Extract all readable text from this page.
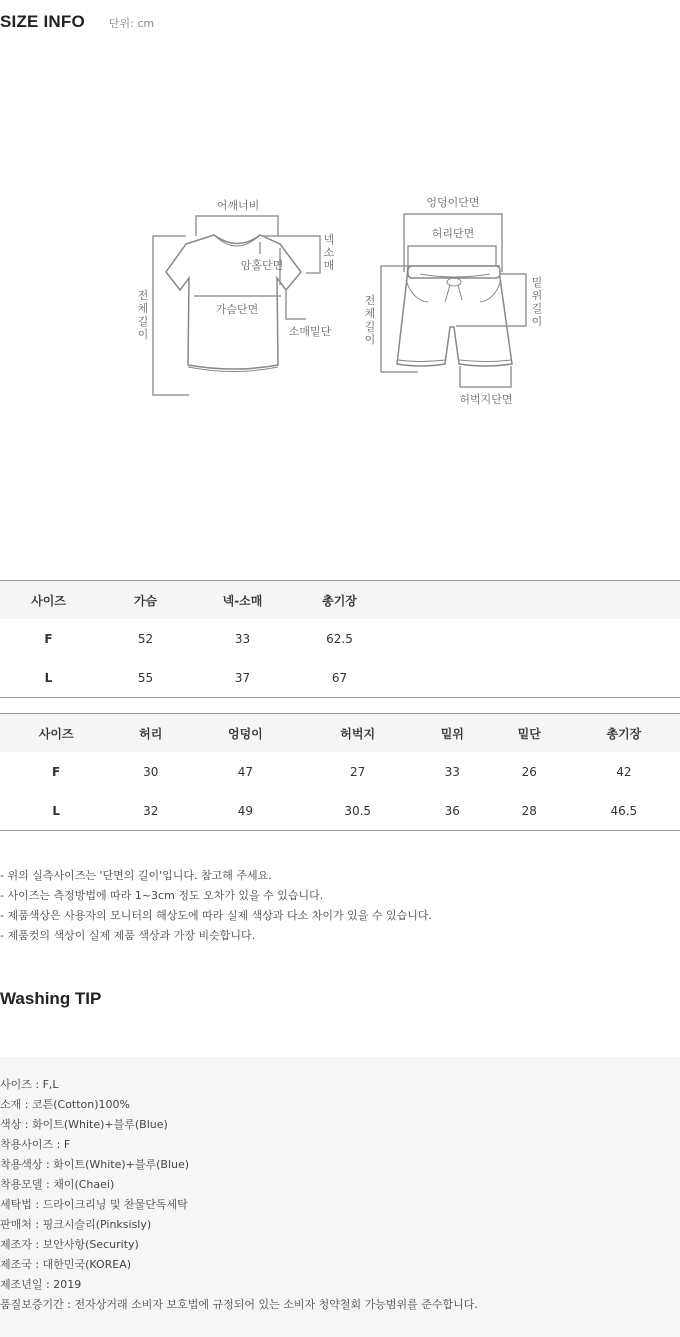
SIZE INFO 단위: cm
어깨너비
넥
소
매
암홀단면
가슴단면
소매밑단
전
체
길
이
엉덩이단면
허리단면
밑
위
길
이
전
체
길
이
허벅지단면
사이즈	가슴	넥-소매	총기장	
F	52	33	62.5	
L	55	37	67	
사이즈	허리	엉덩이	허벅지	밑위	밑단	총기장
F	30	47	27	33	26	42
L	32	49	30.5	36	28	46.5
- 위의 실측사이즈는 '단면의 길이'입니다. 참고해 주세요.
- 사이즈는 측정방법에 따라 1~3cm 정도 오차가 있을 수 있습니다.
- 제품색상은 사용자의 모니터의 해상도에 따라 실제 색상과 다소 차이가 있을 수 있습니다.
- 제품컷의 색상이 실제 제품 색상과 가장 비슷합니다.
Washing TIP
사이즈 : F,L
소재 : 코튼(Cotton)100%
색상 : 화이트(White)+블루(Blue)
착용사이즈 : F
착용색상 : 화이트(White)+블루(Blue)
착용모델 : 채이(Chaei)
세탁법 : 드라이크리닝 및 찬물단독세탁
판매처 : 핑크시슬리(Pinksisly)
제조자 : 보안사항(Security)
제조국 : 대한민국(KOREA)
제조년일 : 2019
품질보증기간 : 전자상거래 소비자 보호법에 규정되어 있는 소비자 청약철회 가능범위를 준수합니다.
